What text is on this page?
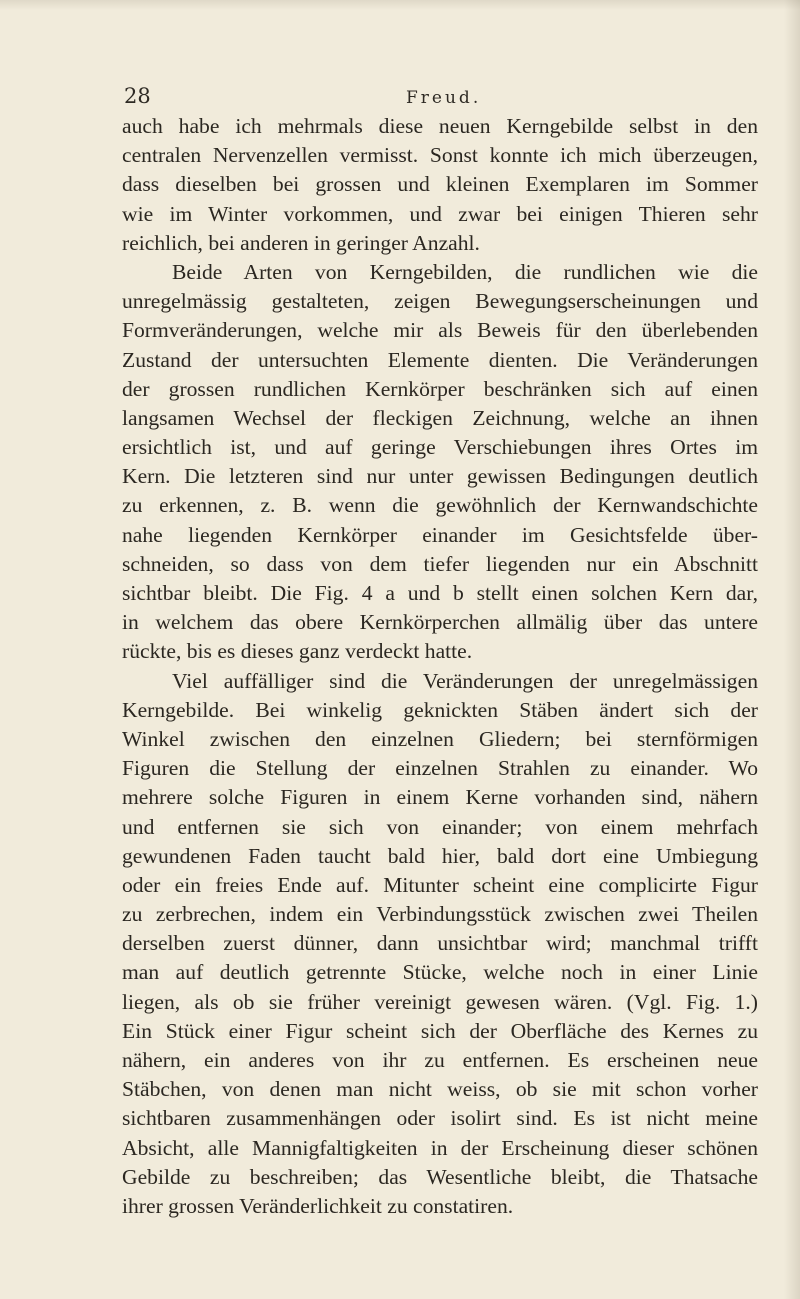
28	Freud.
auch habe ich mehrmals diese neuen Kerngebilde selbst in den
centralen Nervenzellen vermisst. Sonst konnte ich mich überzeugen,
dass dieselben bei grossen und kleinen Exemplaren im Sommer
wie im Winter vorkommen, und zwar bei einigen Thieren sehr
reichlich, bei anderen in geringer Anzahl.
Beide Arten von Kerngebilden, die rundlichen wie die
unregelmässig gestalteten, zeigen Bewegungserscheinungen und
Formveränderungen, welche mir als Beweis für den überlebenden
Zustand der untersuchten Elemente dienten. Die Veränderungen
der grossen rundlichen Kernkörper beschränken sich auf einen
langsamen Wechsel der fleckigen Zeichnung, welche an ihnen
ersichtlich ist, und auf geringe Verschiebungen ihres Ortes im
Kern. Die letzteren sind nur unter gewissen Bedingungen deutlich
zu erkennen, z. B. wenn die gewöhnlich der Kernwandschichte
nahe liegenden Kernkörper einander im Gesichtsfelde über-
schneiden, so dass von dem tiefer liegenden nur ein Abschnitt
sichtbar bleibt. Die Fig. 4 a und b stellt einen solchen Kern dar,
in welchem das obere Kernkörperchen allmälig über das untere
rückte, bis es dieses ganz verdeckt hatte.
Viel auffälliger sind die Veränderungen der unregelmässigen
Kerngebilde. Bei winkelig geknickten Stäben ändert sich der
Winkel zwischen den einzelnen Gliedern; bei sternförmigen
Figuren die Stellung der einzelnen Strahlen zu einander. Wo
mehrere solche Figuren in einem Kerne vorhanden sind, nähern
und entfernen sie sich von einander; von einem mehrfach
gewundenen Faden taucht bald hier, bald dort eine Umbiegung
oder ein freies Ende auf. Mitunter scheint eine complicirte Figur
zu zerbrechen, indem ein Verbindungsstück zwischen zwei Theilen
derselben zuerst dünner, dann unsichtbar wird; manchmal trifft
man auf deutlich getrennte Stücke, welche noch in einer Linie
liegen, als ob sie früher vereinigt gewesen wären. (Vgl. Fig. 1.)
Ein Stück einer Figur scheint sich der Oberfläche des Kernes zu
nähern, ein anderes von ihr zu entfernen. Es erscheinen neue
Stäbchen, von denen man nicht weiss, ob sie mit schon vorher
sichtbaren zusammenhängen oder isolirt sind. Es ist nicht meine
Absicht, alle Mannigfaltigkeiten in der Erscheinung dieser schönen
Gebilde zu beschreiben; das Wesentliche bleibt, die Thatsache
ihrer grossen Veränderlichkeit zu constatiren.
